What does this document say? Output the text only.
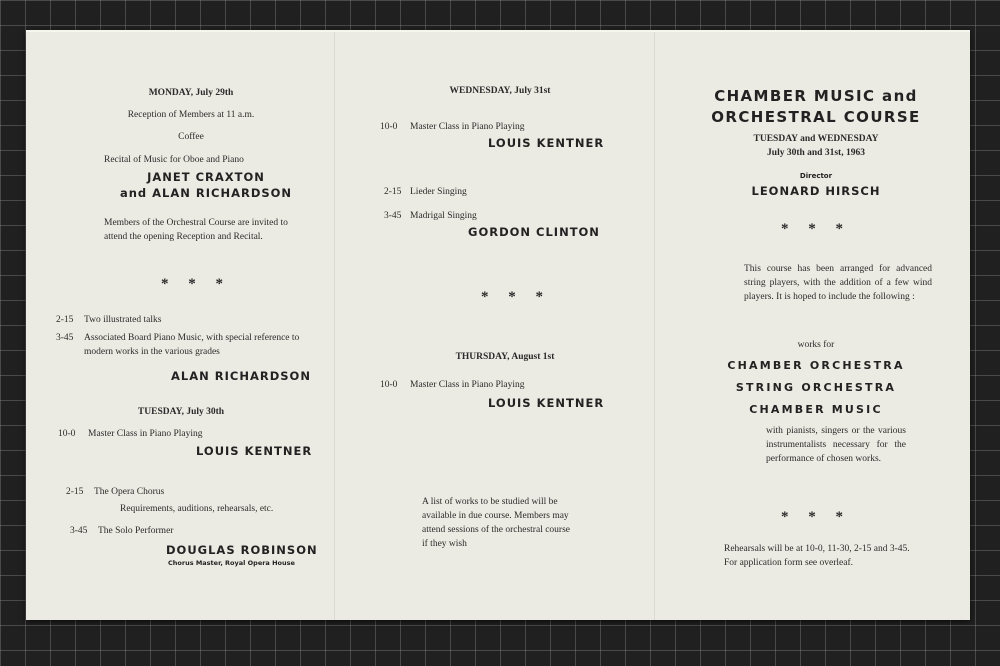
MONDAY, July 29th
Reception of Members at 11 a.m.
Coffee
Recital of Music for Oboe and Piano
JANET CRAXTON
and ALAN RICHARDSON
Members of the Orchestral Course are invited to attend the opening Reception and Recital.
* * *
2-15 Two illustrated talks
3-45 Associated Board Piano Music, with special reference to modern works in the various grades
ALAN RICHARDSON
TUESDAY, July 30th
10-0 Master Class in Piano Playing
LOUIS KENTNER
2-15 The Opera Chorus
Requirements, auditions, rehearsals, etc.
3-45 The Solo Performer
DOUGLAS ROBINSON
Chorus Master, Royal Opera House
WEDNESDAY, July 31st
10-0 Master Class in Piano Playing
LOUIS KENTNER
2-15 Lieder Singing
3-45 Madrigal Singing
GORDON CLINTON
* * *
THURSDAY, August 1st
10-0 Master Class in Piano Playing
LOUIS KENTNER
A list of works to be studied will be available in due course. Members may attend sessions of the orchestral course if they wish
CHAMBER MUSIC and
ORCHESTRAL COURSE
TUESDAY and WEDNESDAY
July 30th and 31st, 1963
Director
LEONARD HIRSCH
* * *
This course has been arranged for advanced string players, with the addition of a few wind players. It is hoped to include the following :
works for
CHAMBER ORCHESTRA
STRING ORCHESTRA
CHAMBER MUSIC
with pianists, singers or the various instrumentalists necessary for the performance of chosen works.
* * *
Rehearsals will be at 10-0, 11-30, 2-15 and 3-45.
For application form see overleaf.
